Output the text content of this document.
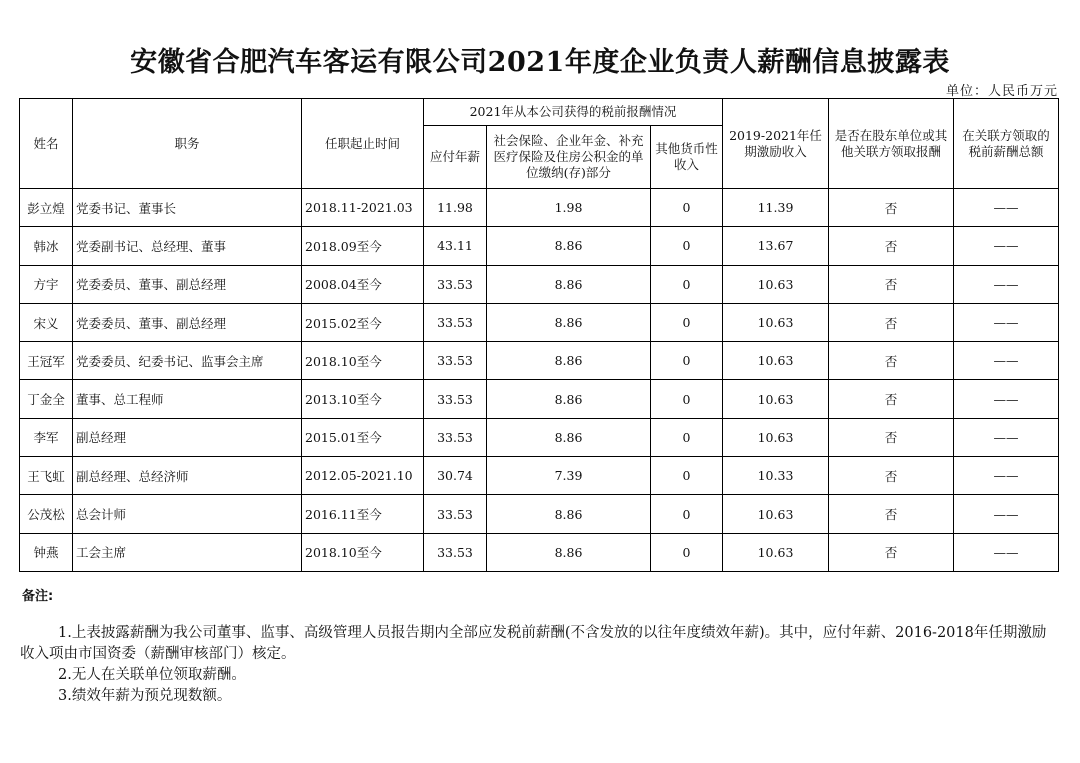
安徽省合肥汽车客运有限公司2021年度企业负责人薪酬信息披露表
单位：人民币万元
姓名	职务	任职起止时间	2021年从本公司获得的税前报酬情况			2019-2021年任期激励收入	是否在股东单位或其他关联方领取报酬	在关联方领取的税前薪酬总额
			应付年薪	社会保险、企业年金、补充医疗保险及住房公积金的单位缴纳(存)部分	其他货币性收入			
彭立煌	党委书记、董事长	2018.11-2021.03	11.98	1.98	0	11.39	否	——
韩冰	党委副书记、总经理、董事	2018.09至今	43.11	8.86	0	13.67	否	——
方宇	党委委员、董事、副总经理	2008.04至今	33.53	8.86	0	10.63	否	——
宋义	党委委员、董事、副总经理	2015.02至今	33.53	8.86	0	10.63	否	——
王冠军	党委委员、纪委书记、监事会主席	2018.10至今	33.53	8.86	0	10.63	否	——
丁金全	董事、总工程师	2013.10至今	33.53	8.86	0	10.63	否	——
李军	副总经理	2015.01至今	33.53	8.86	0	10.63	否	——
王飞虹	副总经理、总经济师	2012.05-2021.10	30.74	7.39	0	10.33	否	——
公茂松	总会计师	2016.11至今	33.53	8.86	0	10.63	否	——
钟燕	工会主席	2018.10至今	33.53	8.86	0	10.63	否	——
备注:
1.上表披露薪酬为我公司董事、监事、高级管理人员报告期内全部应发税前薪酬(不含发放的以往年度绩效年薪)。其中，应付年薪、2016-2018年任期激励收入项由市国资委（薪酬审核部门）核定。
2.无人在关联单位领取薪酬。
3.绩效年薪为预兑现数额。
